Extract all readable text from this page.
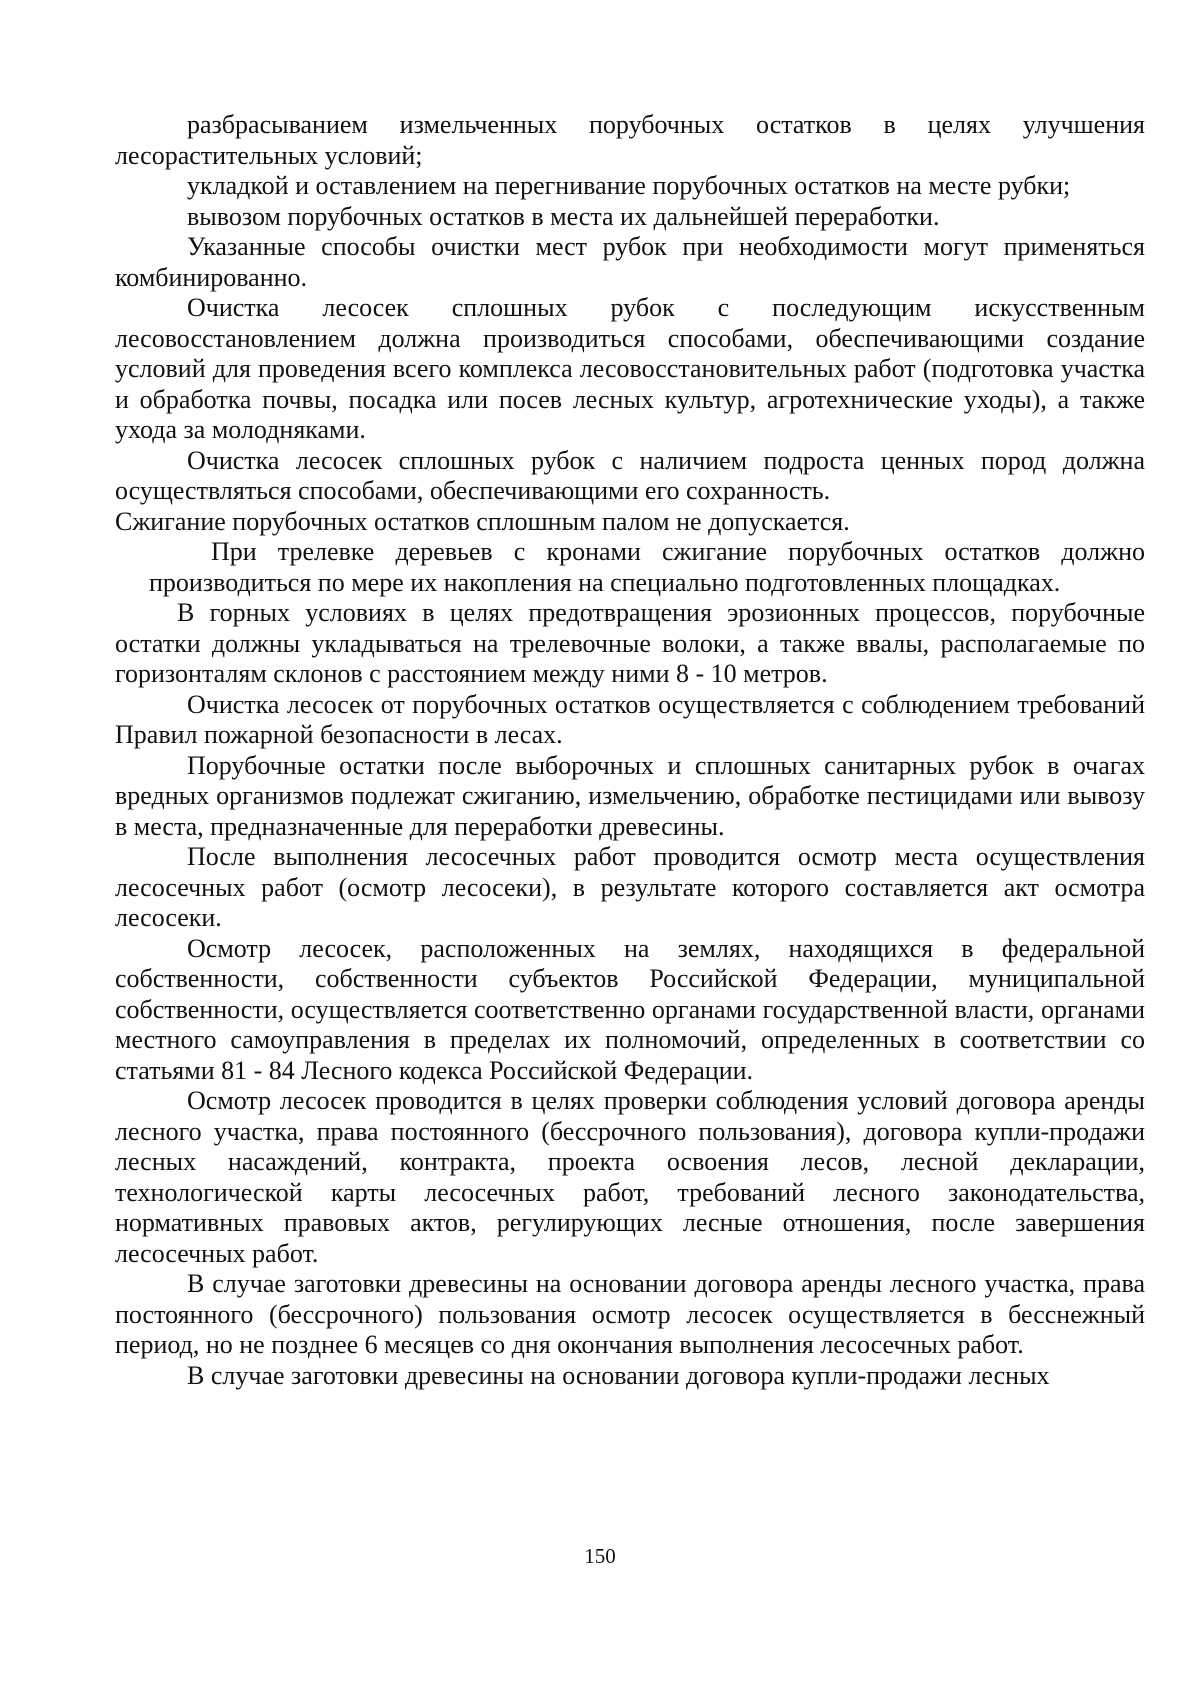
разбрасыванием измельченных порубочных остатков в целях улучшения лесорастительных условий;

укладкой и оставлением на перегнивание порубочных остатков на месте рубки;

вывозом порубочных остатков в места их дальнейшей переработки.

Указанные способы очистки мест рубок при необходимости могут применяться комбинированно.

Очистка лесосек сплошных рубок с последующим искусственным лесовосстановлением должна производиться способами, обеспечивающими создание условий для проведения всего комплекса лесовосстановительных работ (подготовка участка и обработка почвы, посадка или посев лесных культур, агротехнические уходы), а также ухода за молодняками.

Очистка лесосек сплошных рубок с наличием подроста ценных пород должна осуществляться способами, обеспечивающими его сохранность.

Сжигание порубочных остатков сплошным палом не допускается.

При трелевке деревьев с кронами сжигание порубочных остатков должно производиться по мере их накопления на специально подготовленных площадках.

В горных условиях в целях предотвращения эрозионных процессов, порубочные остатки должны укладываться на трелевочные волоки, а также ввалы, располагаемые по горизонталям склонов с расстоянием между ними 8 - 10 метров.

Очистка лесосек от порубочных остатков осуществляется с соблюдением требований Правил пожарной безопасности в лесах.

Порубочные остатки после выборочных и сплошных санитарных рубок в очагах вредных организмов подлежат сжиганию, измельчению, обработке пестицидами или вывозу в места, предназначенные для переработки древесины.

После выполнения лесосечных работ проводится осмотр места осуществления лесосечных работ (осмотр лесосеки), в результате которого составляется акт осмотра лесосеки.

Осмотр лесосек, расположенных на землях, находящихся в федеральной собственности, собственности субъектов Российской Федерации, муниципальной собственности, осуществляется соответственно органами государственной власти, органами местного самоуправления в пределах их полномочий, определенных в соответствии со статьями 81 - 84 Лесного кодекса Российской Федерации.

Осмотр лесосек проводится в целях проверки соблюдения условий договора аренды лесного участка, права постоянного (бессрочного пользования), договора купли-продажи лесных насаждений, контракта, проекта освоения лесов, лесной декларации, технологической карты лесосечных работ, требований лесного законодательства, нормативных правовых актов, регулирующих лесные отношения, после завершения лесосечных работ.

В случае заготовки древесины на основании договора аренды лесного участка, права постоянного (бессрочного) пользования осмотр лесосек осуществляется в бесснежный период, но не позднее 6 месяцев со дня окончания выполнения лесосечных работ.

В случае заготовки древесины на основании договора купли-продажи лесных

150
